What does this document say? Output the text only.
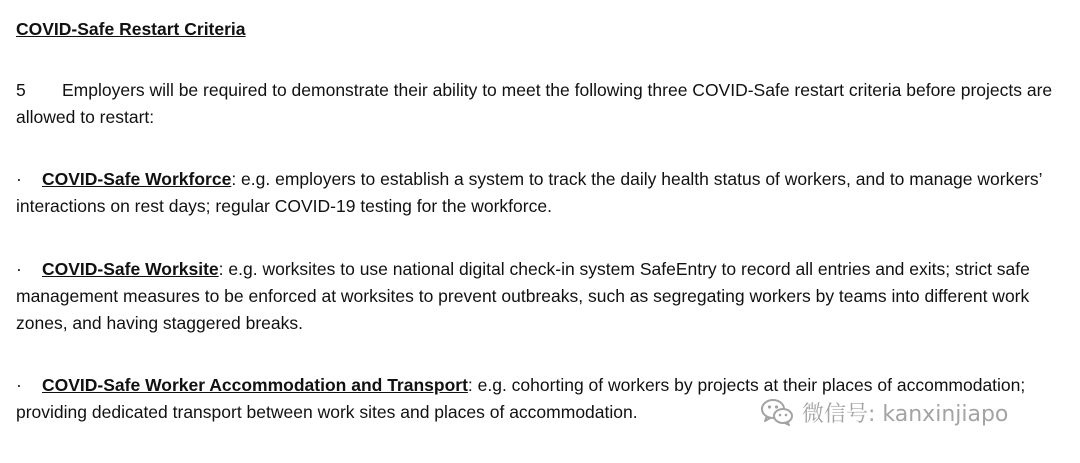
COVID-Safe Restart Criteria

5 Employers will be required to demonstrate their ability to meet the following three COVID-Safe restart criteria before projects are allowed to restart:

· COVID-Safe Workforce: e.g. employers to establish a system to track the daily health status of workers, and to manage workers’ interactions on rest days; regular COVID-19 testing for the workforce.

· COVID-Safe Worksite: e.g. worksites to use national digital check-in system SafeEntry to record all entries and exits; strict safe management measures to be enforced at worksites to prevent outbreaks, such as segregating workers by teams into different work zones, and having staggered breaks.

· COVID-Safe Worker Accommodation and Transport: e.g. cohorting of workers by projects at their places of accommodation; providing dedicated transport between work sites and places of accommodation.	微信号: kanxinjiapo
